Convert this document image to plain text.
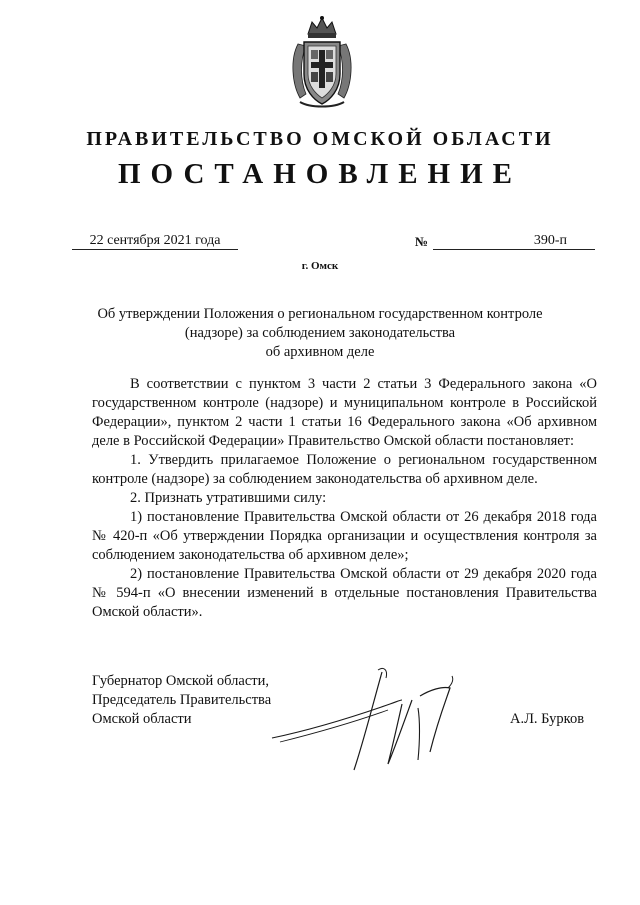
ПРАВИТЕЛЬСТВО ОМСКОЙ ОБЛАСТИ
ПОСТАНОВЛЕНИЕ
22 сентября 2021 года	№	390-п
г. Омск
Об утверждении Положения о региональном государственном контроле
(надзоре) за соблюдением законодательства
об архивном деле

В соответствии с пунктом 3 части 2 статьи 3 Федерального закона «О государственном контроле (надзоре) и муниципальном контроле в Российской Федерации», пунктом 2 части 1 статьи 16 Федерального закона «Об архивном деле в Российской Федерации» Правительство Омской области постановляет:

1. Утвердить прилагаемое Положение о региональном государственном контроле (надзоре) за соблюдением законодательства об архивном деле.

2. Признать утратившими силу:

1) постановление Правительства Омской области от 26 декабря 2018 года № 420-п «Об утверждении Порядка организации и осуществления контроля за соблюдением законодательства об архивном деле»;

2) постановление Правительства Омской области от 29 декабря 2020 года № 594-п «О внесении изменений в отдельные постановления Правительства Омской области».

Губернатор Омской области,
Председатель Правительства
Омской области	А.Л. Бурков
